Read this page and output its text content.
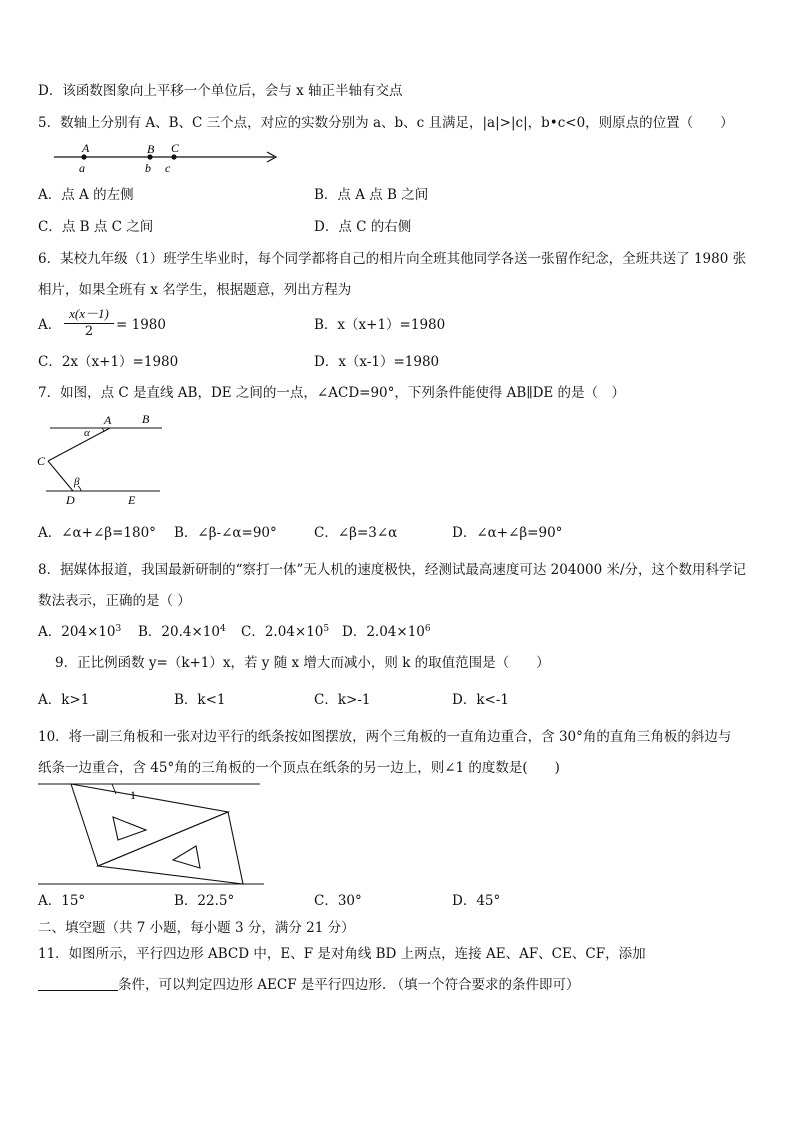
D．该函数图象向上平移一个单位后，会与 x 轴正半轴有交点
5．数轴上分别有 A、B、C 三个点，对应的实数分别为 a、b、c 且满足，|a|>|c|，b•c<0，则原点的位置（　　）
A	B C
a	b c
A．点 A 的左侧	B．点 A 点 B 之间
C．点 B 点 C 之间	D．点 C 的右侧
6．某校九年级（1）班学生毕业时，每个同学都将自己的相片向全班其他同学各送一张留作纪念，全班共送了 1980 张
相片，如果全班有 x 名学生，根据题意，列出方程为
A． $\frac{x(x-1)}{2} = 1980$	B．x（x+1）=1980
C．2x（x+1）=1980	D．x（x-1）=1980
7．如图，点 C 是直线 AB，DE 之间的一点，∠ACD=90°，下列条件能使得 AB∥DE 的是（　）
A	B
C
D	E
α
β
A．∠α+∠β=180° B．∠β-∠α=90°	C．∠β=3∠α	D．∠α+∠β=90°
8．据媒体报道，我国最新研制的“察打一体”无人机的速度极快，经测试最高速度可达 204000 米/分，这个数用科学记
数法表示，正确的是（ ）
A．$204\times 10^3$ B．$20.4\times 10^4$ C．$2.04\times 10^5$ D．$2.04\times 10^6$
9．正比例函数 y=（k+1）x，若 y 随 x 增大而减小，则 k 的取值范围是（　　）
A．k>1	B．k<1	C．k>-1	D．k<-1
10．将一副三角板和一张对边平行的纸条按如图摆放，两个三角板的一直角边重合，含 30°角的直角三角板的斜边与
纸条一边重合，含 45°角的三角板的一个顶点在纸条的另一边上，则∠1 的度数是(　　)
1
A．15°	B．22.5°	C．30°	D．45°
二、填空题（共 7 小题，每小题 3 分，满分 21 分）
11．如图所示，平行四边形 ABCD 中，E、F 是对角线 BD 上两点，连接 AE、AF、CE、CF，添加
条件，可以判定四边形 AECF 是平行四边形. （填一个符合要求的条件即可）
